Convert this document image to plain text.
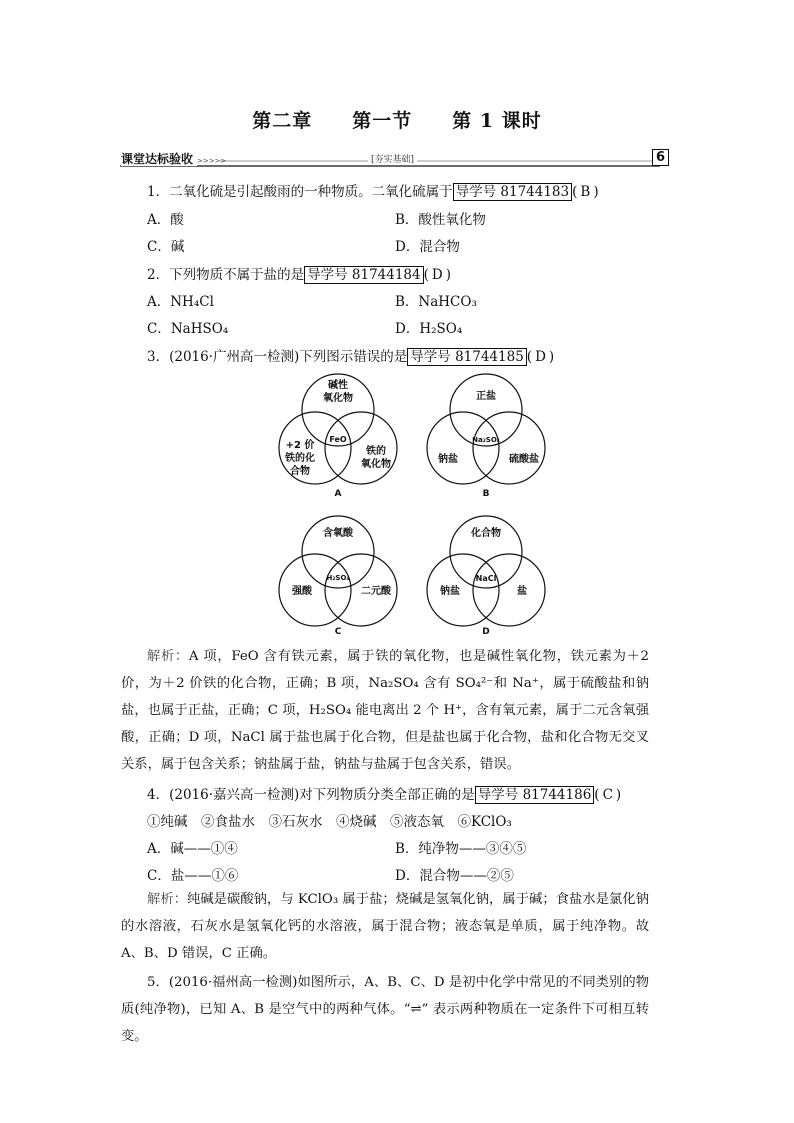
第二章 第一节 第 1 课时
课堂达标验收 >>>>>	[夯实基础]	6
1．二氧化硫是引起酸雨的一种物质。二氧化硫属于 导学号 81744183 ( B )
A．酸	B．酸性氧化物
C．碱	D．混合物
2．下列物质不属于盐的是 导学号 81744184 ( D )
A．NH₄Cl	B．NaHCO₃
C．NaHSO₄	D．H₂SO₄
3．(2016·广州高一检测)下列图示错误的是 导学号 81744185 ( D )
碱性
氧化物
+2 价
铁的化
合物
铁的
氧化物
FeO
A
正盐
钠盐	硫酸盐
Na₂SO₄
B
含氧酸
强酸	二元酸
H₂SO₄
C
化合物
钠盐	盐
NaCl
D
解析：A 项，FeO 含有铁元素，属于铁的氧化物，也是碱性氧化物，铁元素为＋2 价，为＋2 价铁的化合物，正确；B 项，Na₂SO₄ 含有 SO₄²⁻和 Na⁺，属于硫酸盐和钠盐，也属于正盐，正确；C 项，H₂SO₄ 能电离出 2 个 H⁺，含有氧元素，属于二元含氧强酸，正确；D 项，NaCl 属于盐也属于化合物，但是盐也属于化合物，盐和化合物无交叉关系，属于包含关系；钠盐属于盐，钠盐与盐属于包含关系，错误。
4．(2016·嘉兴高一检测)对下列物质分类全部正确的是 导学号 81744186 ( C )
①纯碱　②食盐水　③石灰水　④烧碱　⑤液态氧　⑥KClO₃
A．碱——①④	B．纯净物——③④⑤
C．盐——①⑥	D．混合物——②⑤
解析：纯碱是碳酸钠，与 KClO₃ 属于盐；烧碱是氢氧化钠，属于碱；食盐水是氯化钠的水溶液，石灰水是氢氧化钙的水溶液，属于混合物；液态氧是单质，属于纯净物。故 A、B、D 错误，C 正确。
5．(2016·福州高一检测)如图所示，A、B、C、D 是初中化学中常见的不同类别的物质(纯净物)，已知 A、B 是空气中的两种气体。“⇌” 表示两种物质在一定条件下可相互转变。
